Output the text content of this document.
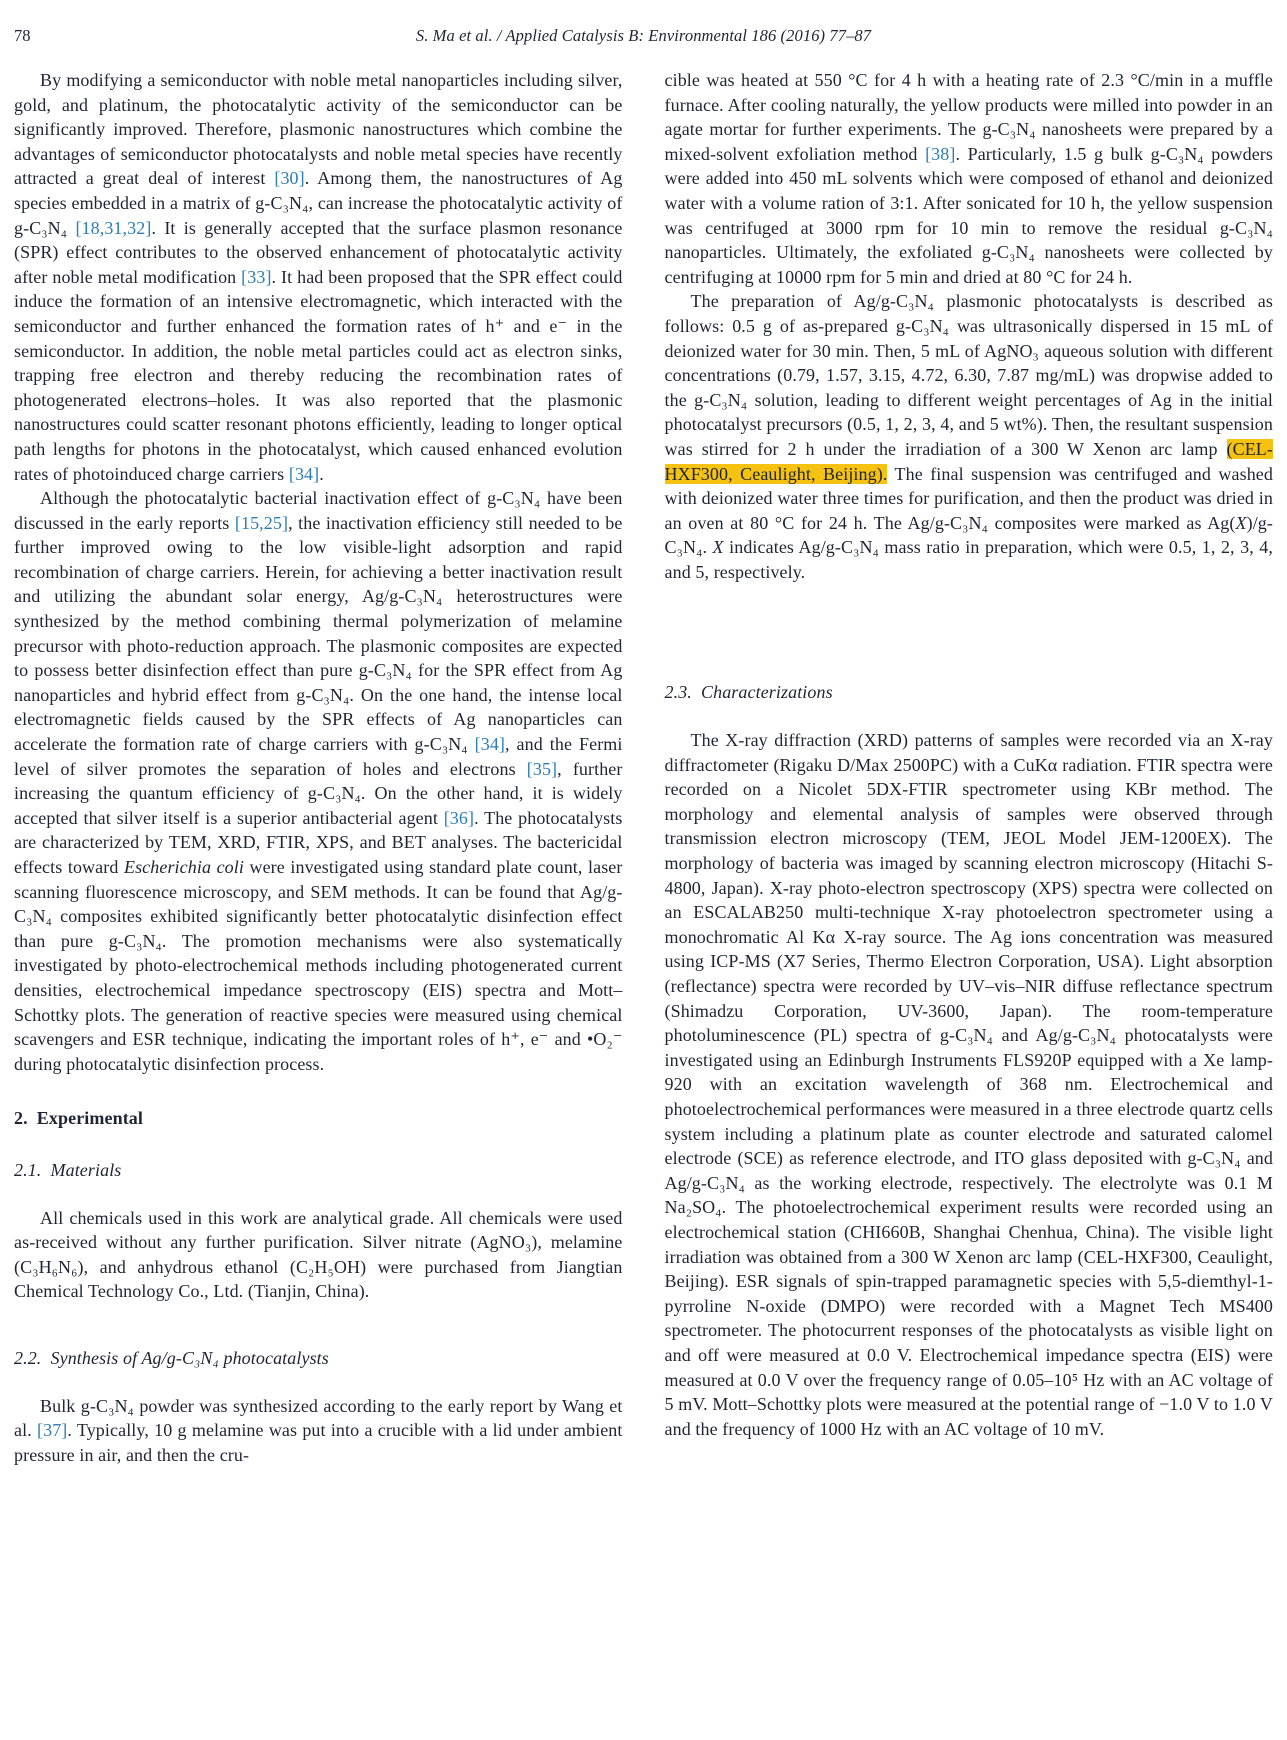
78	S. Ma et al. / Applied Catalysis B: Environmental 186 (2016) 77–87

By modifying a semiconductor with noble metal nanoparticles including silver, gold, and platinum, the photocatalytic activity of the semiconductor can be significantly improved. Therefore, plasmonic nanostructures which combine the advantages of semiconductor photocatalysts and noble metal species have recently attracted a great deal of interest [30]. Among them, the nanostructures of Ag species embedded in a matrix of g-C₃N₄, can increase the photocatalytic activity of g-C₃N₄ [18,31,32]. It is generally accepted that the surface plasmon resonance (SPR) effect contributes to the observed enhancement of photocatalytic activity after noble metal modification [33]. It had been proposed that the SPR effect could induce the formation of an intensive electromagnetic, which interacted with the semiconductor and further enhanced the formation rates of h⁺ and e⁻ in the semiconductor. In addition, the noble metal particles could act as electron sinks, trapping free electron and thereby reducing the recombination rates of photogenerated electrons–holes. It was also reported that the plasmonic nanostructures could scatter resonant photons efficiently, leading to longer optical path lengths for photons in the photocatalyst, which caused enhanced evolution rates of photoinduced charge carriers [34].

Although the photocatalytic bacterial inactivation effect of g-C₃N₄ have been discussed in the early reports [15,25], the inactivation efficiency still needed to be further improved owing to the low visible-light adsorption and rapid recombination of charge carriers. Herein, for achieving a better inactivation result and utilizing the abundant solar energy, Ag/g-C₃N₄ heterostructures were synthesized by the method combining thermal polymerization of melamine precursor with photo-reduction approach. The plasmonic composites are expected to possess better disinfection effect than pure g-C₃N₄ for the SPR effect from Ag nanoparticles and hybrid effect from g-C₃N₄. On the one hand, the intense local electromagnetic fields caused by the SPR effects of Ag nanoparticles can accelerate the formation rate of charge carriers with g-C₃N₄ [34], and the Fermi level of silver promotes the separation of holes and electrons [35], further increasing the quantum efficiency of g-C₃N₄. On the other hand, it is widely accepted that silver itself is a superior antibacterial agent [36]. The photocatalysts are characterized by TEM, XRD, FTIR, XPS, and BET analyses. The bactericidal effects toward Escherichia coli were investigated using standard plate count, laser scanning fluorescence microscopy, and SEM methods. It can be found that Ag/g-C₃N₄ composites exhibited significantly better photocatalytic disinfection effect than pure g-C₃N₄. The promotion mechanisms were also systematically investigated by photo-electrochemical methods including photogenerated current densities, electrochemical impedance spectroscopy (EIS) spectra and Mott–Schottky plots. The generation of reactive species were measured using chemical scavengers and ESR technique, indicating the important roles of h⁺, e⁻ and •O₂⁻ during photocatalytic disinfection process.

2. Experimental
2.1. Materials

All chemicals used in this work are analytical grade. All chemicals were used as-received without any further purification. Silver nitrate (AgNO₃), melamine (C₃H₆N₆), and anhydrous ethanol (C₂H₅OH) were purchased from Jiangtian Chemical Technology Co., Ltd. (Tianjin, China).

2.2. Synthesis of Ag/g-C₃N₄ photocatalysts

Bulk g-C₃N₄ powder was synthesized according to the early report by Wang et al. [37]. Typically, 10 g melamine was put into a crucible with a lid under ambient pressure in air, and then the cru-

cible was heated at 550 °C for 4 h with a heating rate of 2.3 °C/min in a muffle furnace. After cooling naturally, the yellow products were milled into powder in an agate mortar for further experiments. The g-C₃N₄ nanosheets were prepared by a mixed-solvent exfoliation method [38]. Particularly, 1.5 g bulk g-C₃N₄ powders were added into 450 mL solvents which were composed of ethanol and deionized water with a volume ration of 3:1. After sonicated for 10 h, the yellow suspension was centrifuged at 3000 rpm for 10 min to remove the residual g-C₃N₄ nanoparticles. Ultimately, the exfoliated g-C₃N₄ nanosheets were collected by centrifuging at 10000 rpm for 5 min and dried at 80 °C for 24 h.

The preparation of Ag/g-C₃N₄ plasmonic photocatalysts is described as follows: 0.5 g of as-prepared g-C₃N₄ was ultrasonically dispersed in 15 mL of deionized water for 30 min. Then, 5 mL of AgNO₃ aqueous solution with different concentrations (0.79, 1.57, 3.15, 4.72, 6.30, 7.87 mg/mL) was dropwise added to the g-C₃N₄ solution, leading to different weight percentages of Ag in the initial photocatalyst precursors (0.5, 1, 2, 3, 4, and 5 wt%). Then, the resultant suspension was stirred for 2 h under the irradiation of a 300 W Xenon arc lamp (CEL-HXF300, Ceaulight, Beijing). The final suspension was centrifuged and washed with deionized water three times for purification, and then the product was dried in an oven at 80 °C for 24 h. The Ag/g-C₃N₄ composites were marked as Ag(X)/g-C₃N₄. X indicates Ag/g-C₃N₄ mass ratio in preparation, which were 0.5, 1, 2, 3, 4, and 5, respectively.

2.3. Characterizations

The X-ray diffraction (XRD) patterns of samples were recorded via an X-ray diffractometer (Rigaku D/Max 2500PC) with a CuKα radiation. FTIR spectra were recorded on a Nicolet 5DX-FTIR spectrometer using KBr method. The morphology and elemental analysis of samples were observed through transmission electron microscopy (TEM, JEOL Model JEM-1200EX). The morphology of bacteria was imaged by scanning electron microscopy (Hitachi S-4800, Japan). X-ray photo-electron spectroscopy (XPS) spectra were collected on an ESCALAB250 multi-technique X-ray photoelectron spectrometer using a monochromatic Al Kα X-ray source. The Ag ions concentration was measured using ICP-MS (X7 Series, Thermo Electron Corporation, USA). Light absorption (reflectance) spectra were recorded by UV–vis–NIR diffuse reflectance spectrum (Shimadzu Corporation, UV-3600, Japan). The room-temperature photoluminescence (PL) spectra of g-C₃N₄ and Ag/g-C₃N₄ photocatalysts were investigated using an Edinburgh Instruments FLS920P equipped with a Xe lamp-920 with an excitation wavelength of 368 nm. Electrochemical and photoelectrochemical performances were measured in a three electrode quartz cells system including a platinum plate as counter electrode and saturated calomel electrode (SCE) as reference electrode, and ITO glass deposited with g-C₃N₄ and Ag/g-C₃N₄ as the working electrode, respectively. The electrolyte was 0.1 M Na₂SO₄. The photoelectrochemical experiment results were recorded using an electrochemical station (CHI660B, Shanghai Chenhua, China). The visible light irradiation was obtained from a 300 W Xenon arc lamp (CEL-HXF300, Ceaulight, Beijing). ESR signals of spin-trapped paramagnetic species with 5,5-diemthyl-1-pyrroline N-oxide (DMPO) were recorded with a Magnet Tech MS400 spectrometer. The photocurrent responses of the photocatalysts as visible light on and off were measured at 0.0 V. Electrochemical impedance spectra (EIS) were measured at 0.0 V over the frequency range of 0.05–10⁵ Hz with an AC voltage of 5 mV. Mott–Schottky plots were measured at the potential range of −1.0 V to 1.0 V and the frequency of 1000 Hz with an AC voltage of 10 mV.
